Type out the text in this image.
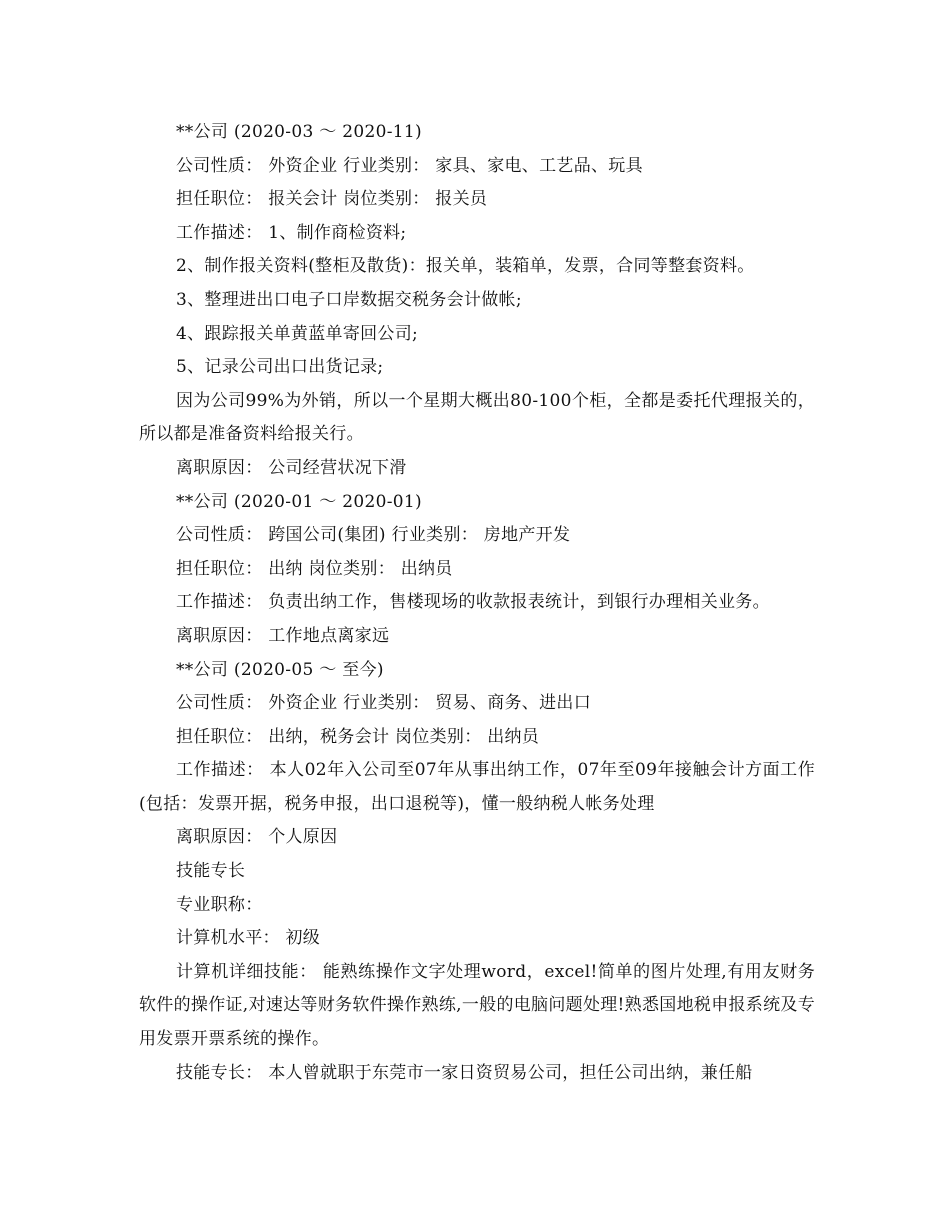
**公司 (2020-03 ～ 2020-11)

公司性质： 外资企业 行业类别： 家具、家电、工艺品、玩具

担任职位： 报关会计 岗位类别： 报关员

工作描述： 1、制作商检资料;

2、制作报关资料(整柜及散货)：报关单，装箱单，发票，合同等整套资料。

3、整理进出口电子口岸数据交税务会计做帐;

4、跟踪报关单黄蓝单寄回公司;

5、记录公司出口出货记录;

因为公司99%为外销，所以一个星期大概出80-100个柜，全都是委托代理报关的，所以都是准备资料给报关行。

离职原因： 公司经营状况下滑

**公司 (2020-01 ～ 2020-01)

公司性质： 跨国公司(集团) 行业类别： 房地产开发

担任职位： 出纳 岗位类别： 出纳员

工作描述： 负责出纳工作，售楼现场的收款报表统计，到银行办理相关业务。

离职原因： 工作地点离家远

**公司 (2020-05 ～ 至今)

公司性质： 外资企业 行业类别： 贸易、商务、进出口

担任职位： 出纳，税务会计 岗位类别： 出纳员

工作描述： 本人02年入公司至07年从事出纳工作，07年至09年接触会计方面工作(包括：发票开据，税务申报，出口退税等)，懂一般纳税人帐务处理

离职原因： 个人原因

技能专长

专业职称：

计算机水平： 初级

计算机详细技能： 能熟练操作文字处理word，excel!简单的图片处理,有用友财务软件的操作证,对速达等财务软件操作熟练,一般的电脑问题处理!熟悉国地税申报系统及专用发票开票系统的操作。

技能专长： 本人曾就职于东莞市一家日资贸易公司，担任公司出纳，兼任船
